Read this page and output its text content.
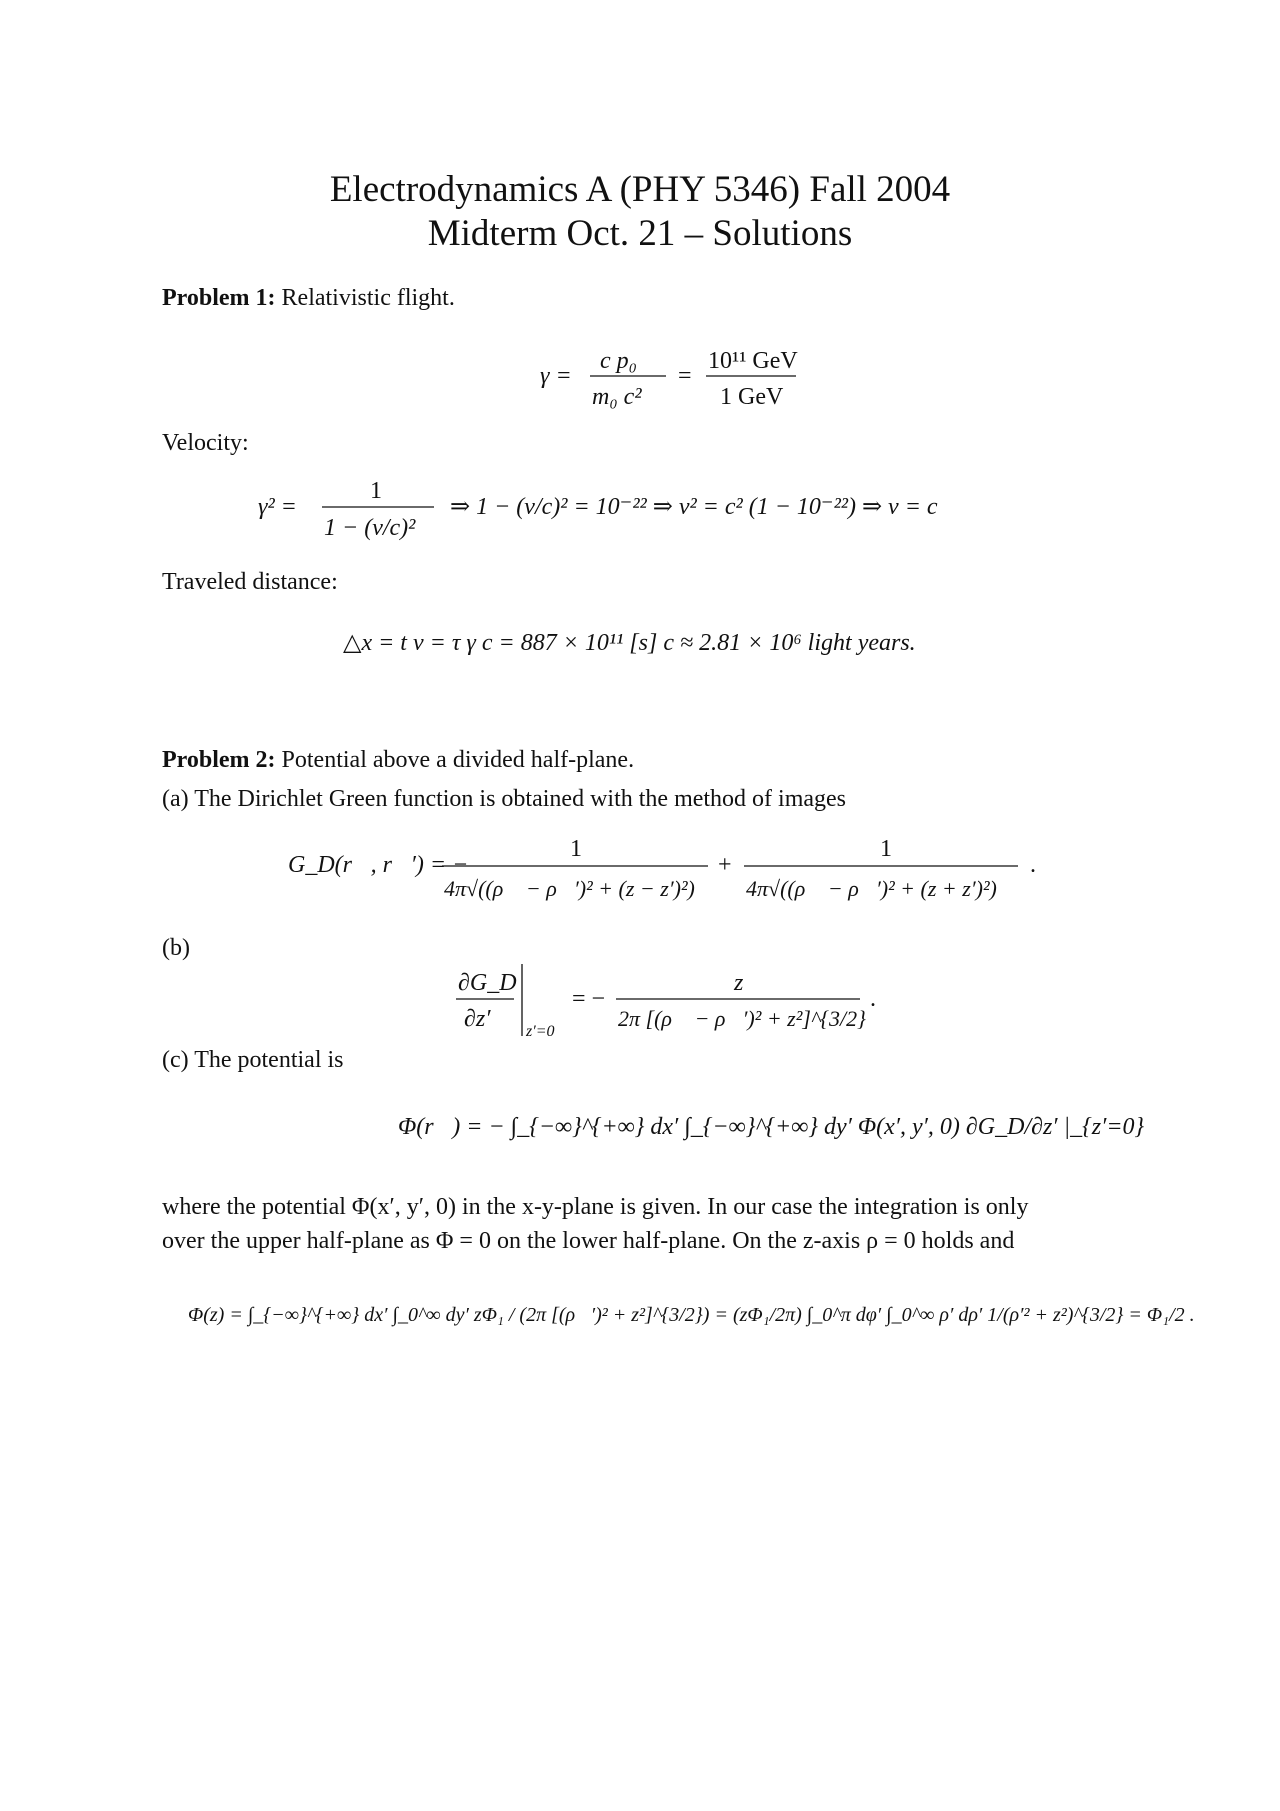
Electrodynamics A (PHY 5346) Fall 2004
Midterm Oct. 21 – Solutions
Problem 1: Relativistic flight.
γ =
c p₀
m₀ c²
=
10¹¹ GeV
1 GeV
Velocity:
γ² =
1
1 − (v/c)²
⇒ 1 − (v/c)² = 10⁻²² ⇒ v² = c² (1 − 10⁻²²) ⇒ v = c
Traveled distance:
△x = t v = τ γ c = 887 × 10¹¹ [s] c ≈ 2.81 × 10⁶ light years.
Problem 2: Potential above a divided half-plane.
(a) The Dirichlet Green function is obtained with the method of images
G_D(r⃗, r⃗′) = −
1
4π√((ρ⃗ − ρ⃗′)² + (z − z′)²)
+
1
4π√((ρ⃗ − ρ⃗′)² + (z + z′)²)
.
(b)
∂G_D
∂z′ z′=0
= −
z
2π [(ρ⃗ − ρ⃗′)² + z²]^{3/2}
.
(c) The potential is
Φ(r⃗) = − ∫_{−∞}^{+∞} dx′ ∫_{−∞}^{+∞} dy′ Φ(x′, y′, 0) ∂G_D/∂z′ |_{z′=0}
where the potential Φ(x′, y′, 0) in the x-y-plane is given. In our case the integration is only
over the upper half-plane as Φ = 0 on the lower half-plane. On the z-axis ρ = 0 holds and
Φ(z) = ∫_{−∞}^{+∞} dx′ ∫_0^∞ dy′ zΦ₁ / (2π [(ρ⃗′)² + z²]^{3/2}) = (zΦ₁/2π) ∫_0^π dφ′ ∫_0^∞ ρ′ dρ′ 1/(ρ′² + z²)^{3/2} = Φ₁/2 .
